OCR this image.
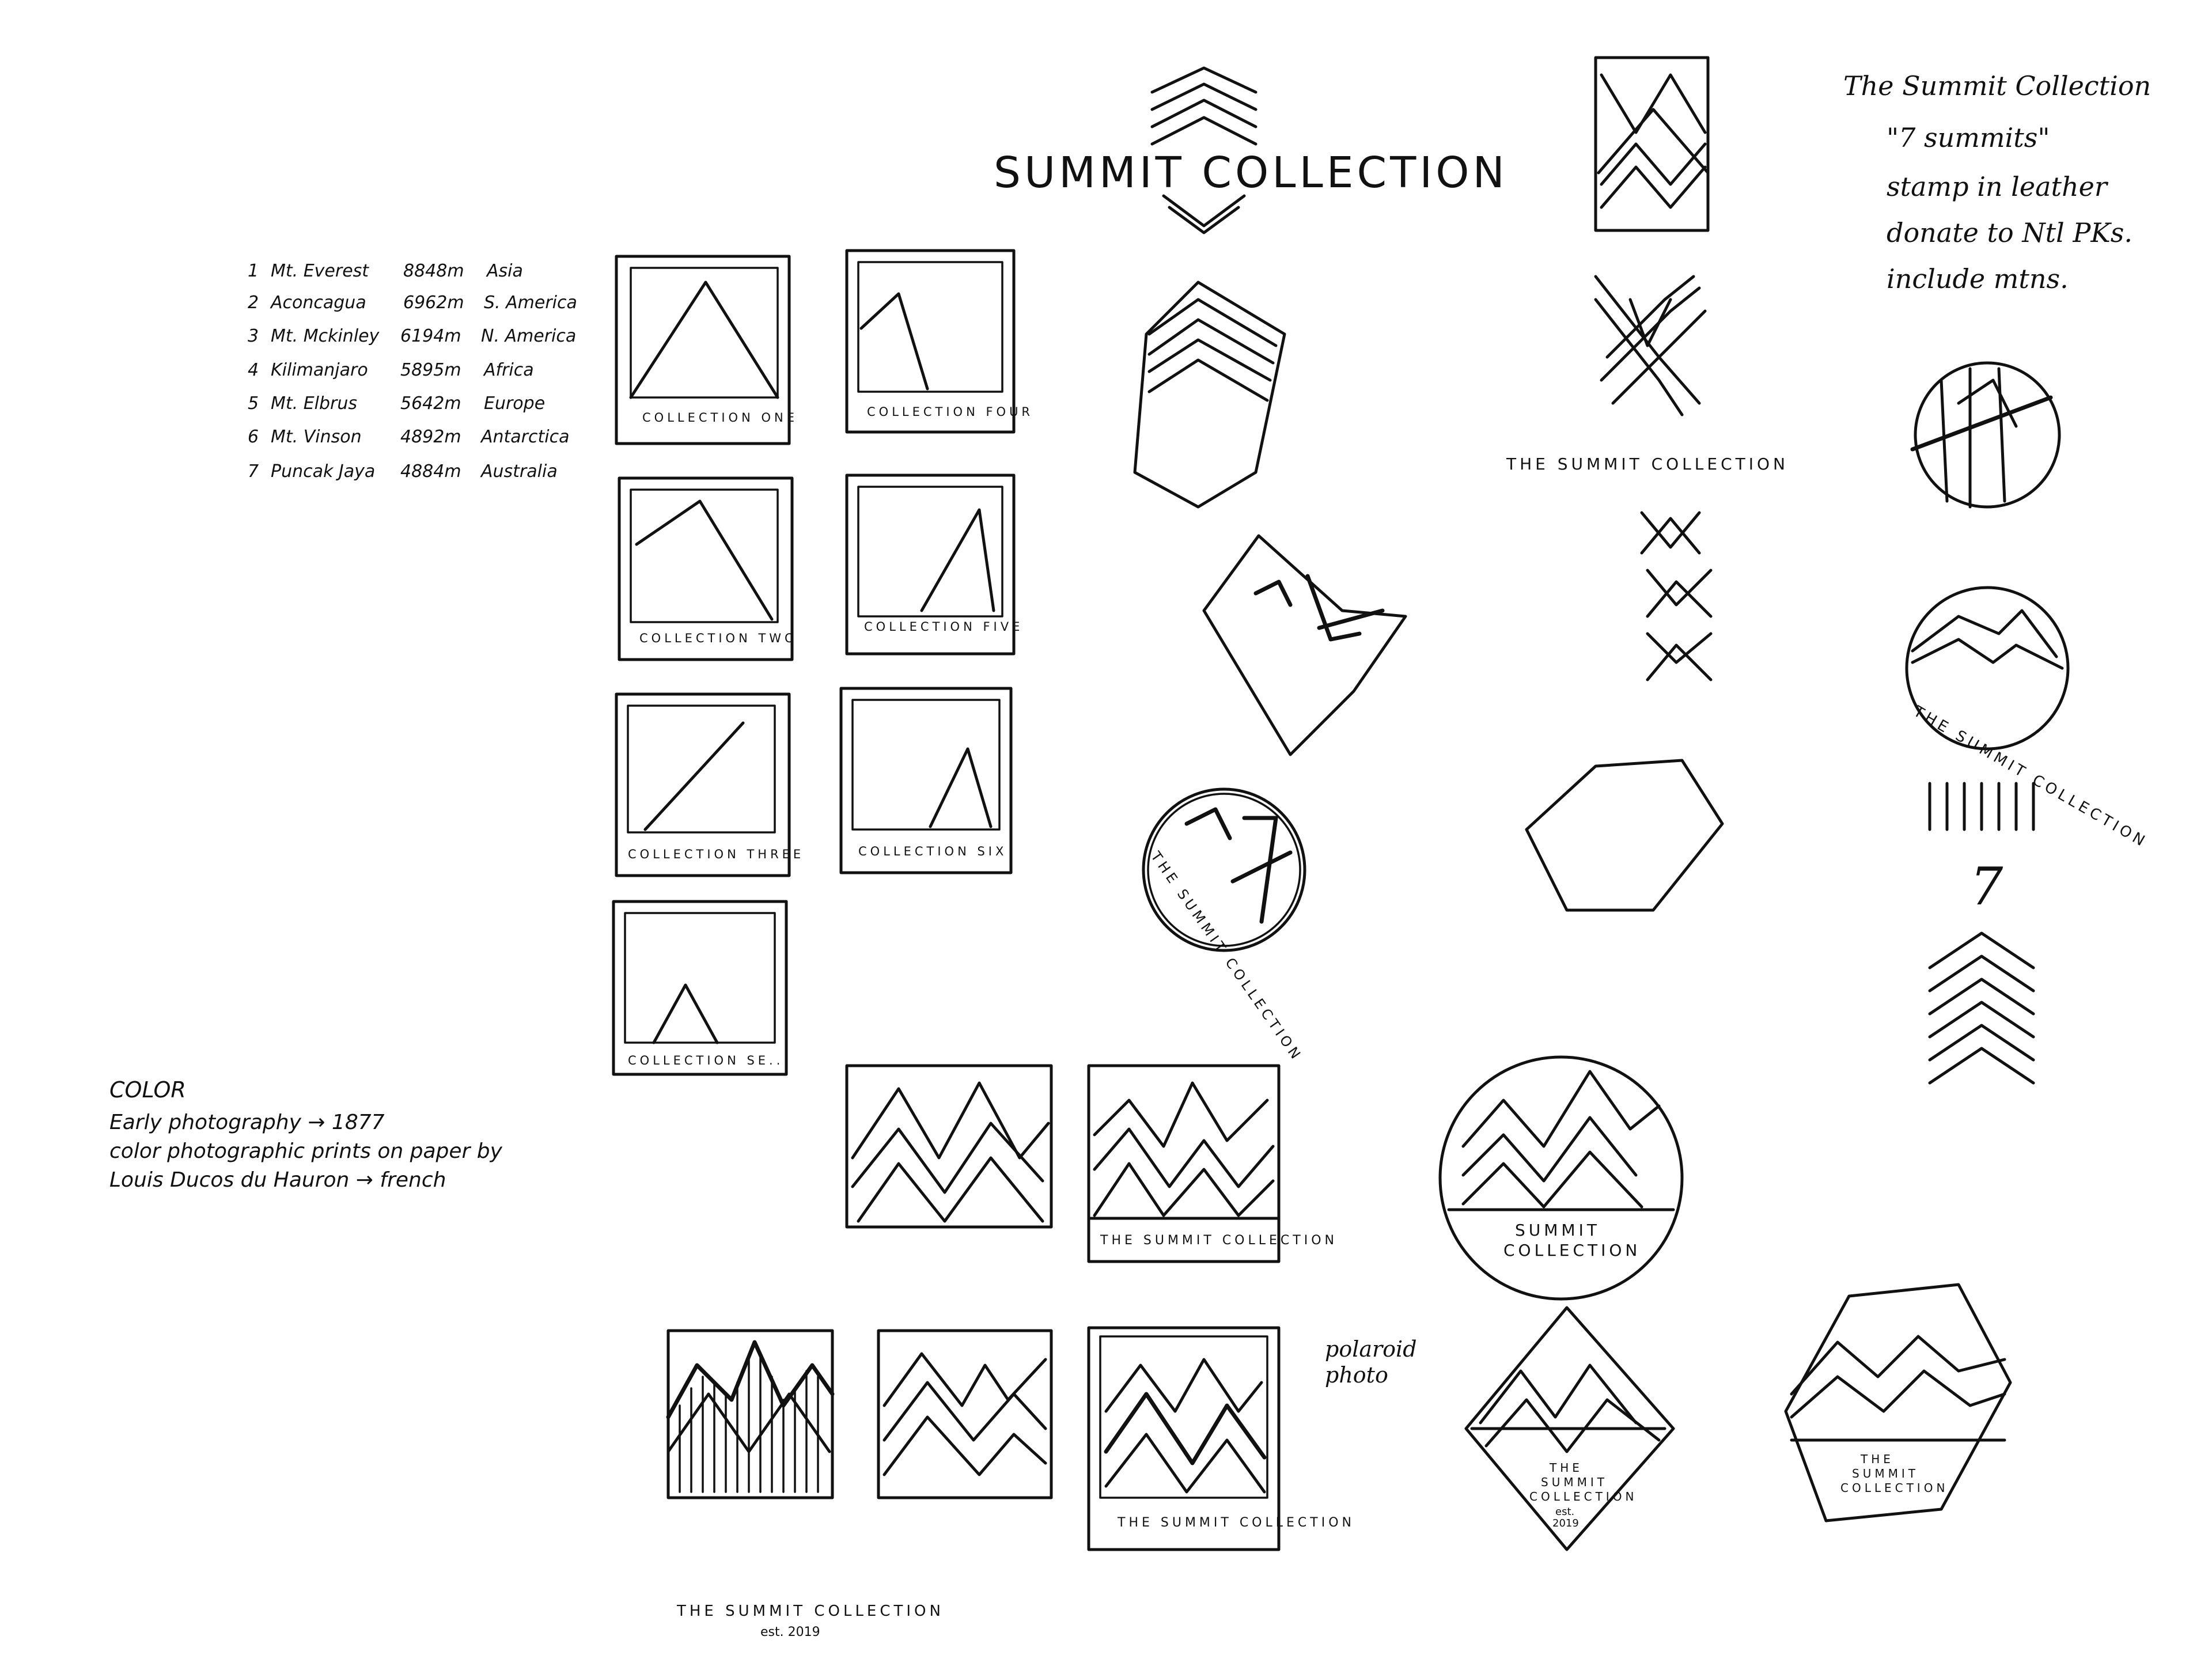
SUMMIT COLLECTION
The Summit Collection
"7 summits"
stamp in leather
donate to Ntl PKs.
include mtns.
1 Mt. Everest 8848m Asia
2 Aconcagua 6962m S. America
3 Mt. Mckinley 6194m N. America
4 Kilimanjaro 5895m Africa
5 Mt. Elbrus 5642m Europe
6 Mt. Vinson 4892m Antarctica
7 Puncak Jaya 4884m Australia
COLOR
Early photography → 1877
color photographic prints on paper by
Louis Ducos du Hauron → french
COLLECTION ONE	COLLECTION FOUR
COLLECTION TWO
COLLECTION FIVE
COLLECTION THREE	COLLECTION SIX
COLLECTION SE...	THE SUMMIT COLLECTION
THE SUMMIT COLLECTION
THE SUMMIT COLLECTION
7
THE SUMMIT COLLECTION
SUMMIT
COLLECTION
THE SUMMIT COLLECTION
polaroid
photo
THE
SUMMIT
COLLECTION
est.
2019
THE
SUMMIT
COLLECTION
THE SUMMIT COLLECTION
est. 2019
